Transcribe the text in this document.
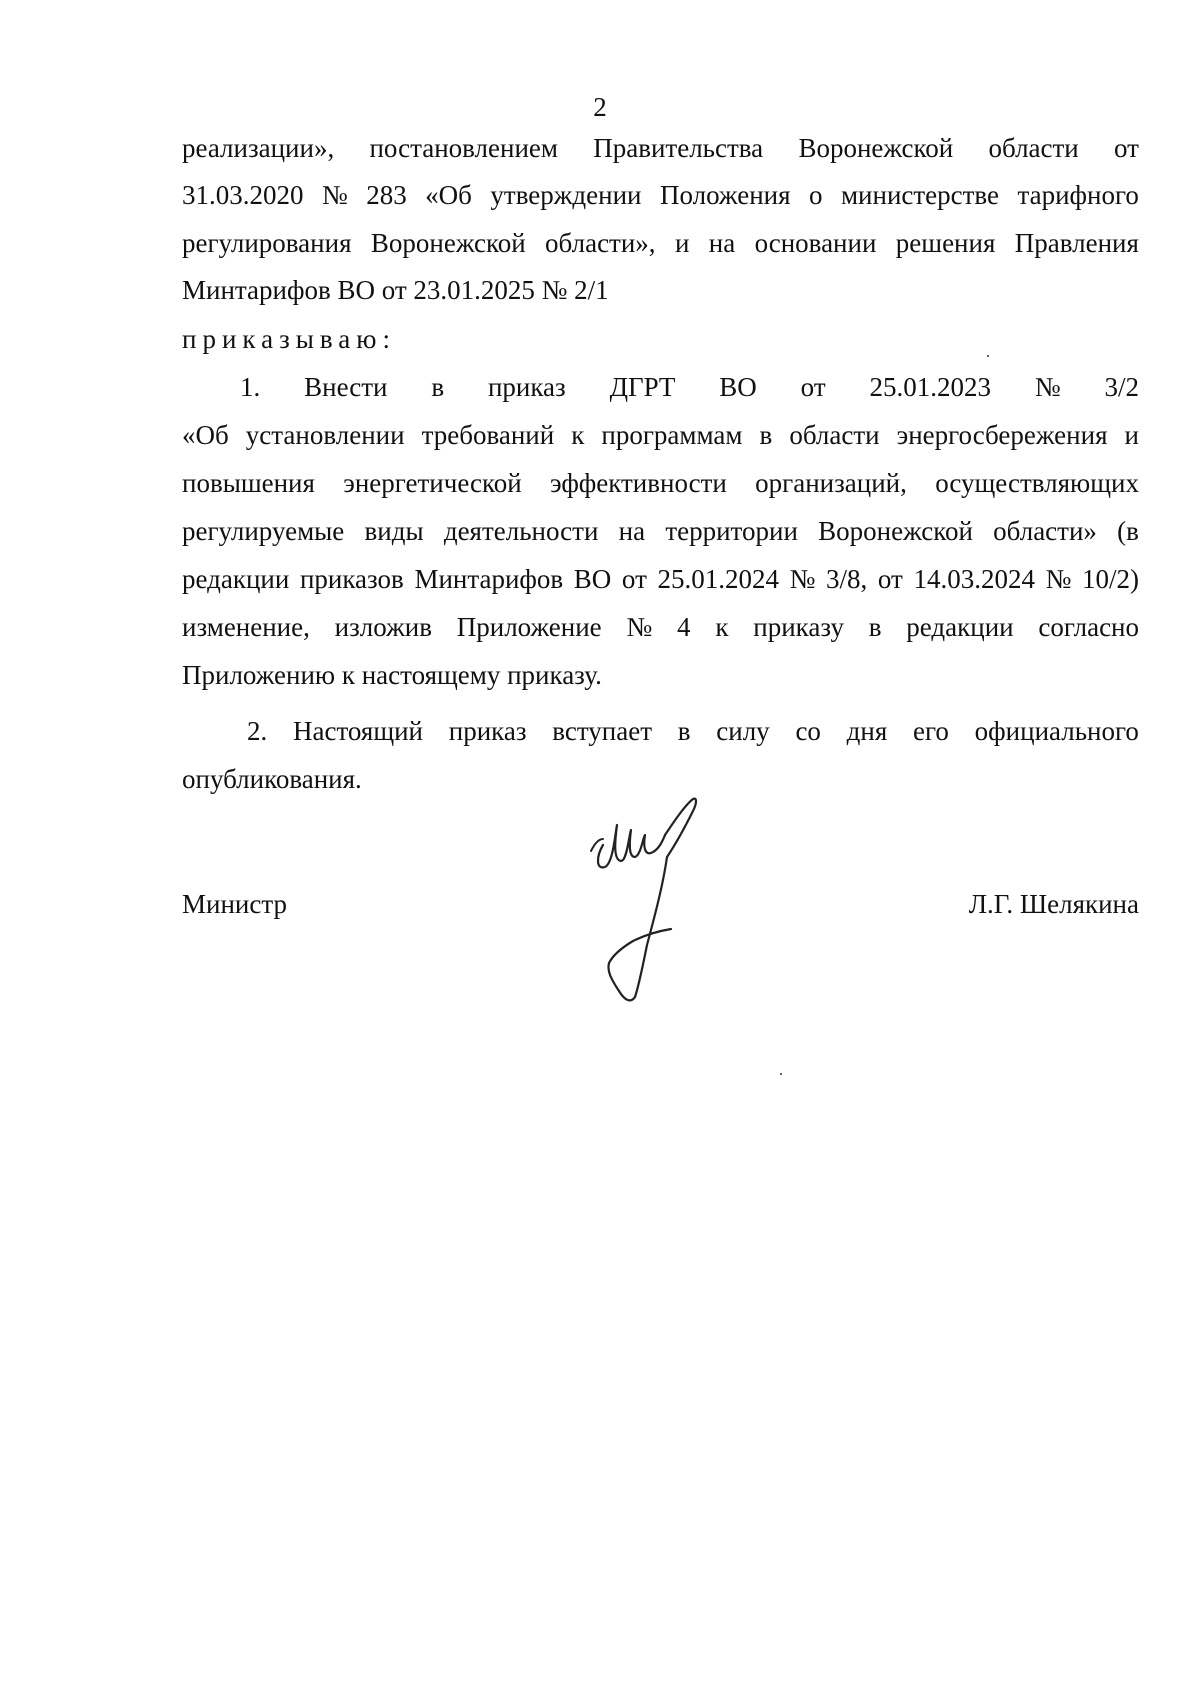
2
реализации», постановлением Правительства Воронежской области от
31.03.2020 № 283 «Об утверждении Положения о министерстве тарифного
регулирования Воронежской области», и на основании решения Правления
Минтарифов ВО от 23.01.2025 № 2/1
приказываю:
1. Внести в приказ ДГРТ ВО от 25.01.2023 № 3/2
«Об установлении требований к программам в области энергосбережения и
повышения энергетической эффективности организаций, осуществляющих
регулируемые виды деятельности на территории Воронежской области» (в
редакции приказов Минтарифов ВО от 25.01.2024 № 3/8, от 14.03.2024 № 10/2)
изменение, изложив Приложение № 4 к приказу в редакции согласно
Приложению к настоящему приказу.
2. Настоящий приказ вступает в силу со дня его официального
опубликования.
Министр	Л.Г. Шелякина
